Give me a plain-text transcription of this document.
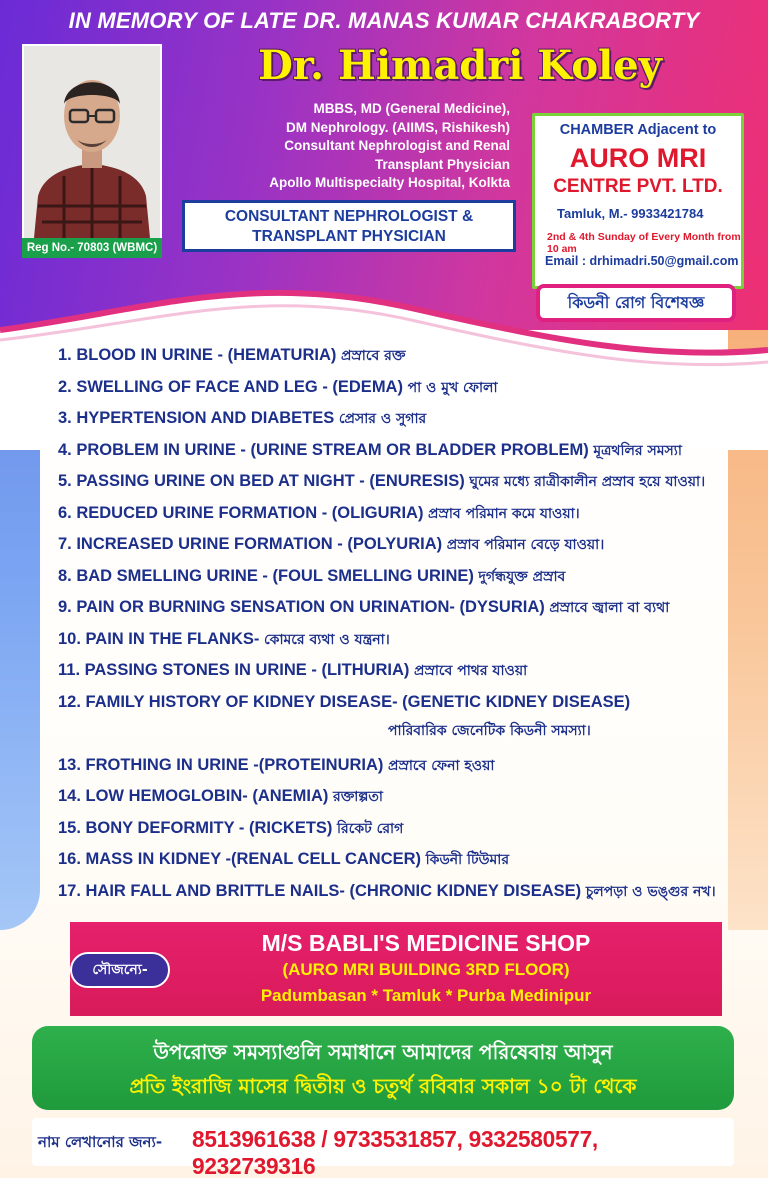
IN MEMORY OF LATE DR. MANAS KUMAR CHAKRABORTY
Reg No.- 70803 (WBMC)
Dr. Himadri Koley
MBBS, MD (General Medicine),
DM Nephrology. (AIIMS, Rishikesh)
Consultant Nephrologist and Renal
Transplant Physician
Apollo Multispecialty Hospital, Kolkta
CONSULTANT NEPHROLOGIST &
TRANSPLANT PHYSICIAN
CHAMBER Adjacent to
AURO MRI
CENTRE PVT. LTD.
Tamluk, M.- 9933421784
2nd & 4th Sunday of Every Month from 10 am
Email : drhimadri.50@gmail.com
কিডনী রোগ বিশেষজ্ঞ
1. BLOOD IN URINE - (HEMATURIA) প্রস্রাবে রক্ত
2. SWELLING OF FACE AND LEG - (EDEMA) পা ও মুখ ফোলা
3. HYPERTENSION AND DIABETES প্রেসার ও সুগার
4. PROBLEM IN URINE - (URINE STREAM OR BLADDER PROBLEM) মূত্রথলির সমস্যা
5. PASSING URINE ON BED AT NIGHT - (ENURESIS) ঘুমের মধ্যে রাত্রীকালীন প্রস্রাব হয়ে যাওয়া।
6. REDUCED URINE FORMATION - (OLIGURIA) প্রস্রাব পরিমান কমে যাওয়া।
7. INCREASED URINE FORMATION - (POLYURIA) প্রস্রাব পরিমান বেড়ে যাওয়া।
8. BAD SMELLING URINE - (FOUL SMELLING URINE) দুর্গন্ধযুক্ত প্রস্রাব
9. PAIN OR BURNING SENSATION ON URINATION- (DYSURIA) প্রস্রাবে জ্বালা বা ব্যথা
10. PAIN IN THE FLANKS- কোমরে ব্যথা ও যন্ত্রনা।
11. PASSING STONES IN URINE - (LITHURIA) প্রস্রাবে পাথর যাওয়া
12. FAMILY HISTORY OF KIDNEY DISEASE- (GENETIC KIDNEY DISEASE)
পারিবারিক জেনেটিক কিডনী সমস্যা।
13. FROTHING IN URINE -(PROTEINURIA) প্রস্রাবে ফেনা হওয়া
14. LOW HEMOGLOBIN- (ANEMIA) রক্তাল্পতা
15. BONY DEFORMITY - (RICKETS) রিকেট রোগ
16. MASS IN KIDNEY -(RENAL CELL CANCER) কিডনী টিউমার
17. HAIR FALL AND BRITTLE NAILS- (CHRONIC KIDNEY DISEASE) চুলপড়া ও ভঙ্গুর নখ।
M/S BABLI'S MEDICINE SHOP
(AURO MRI BUILDING 3RD FLOOR)
Padumbasan * Tamluk * Purba Medinipur
সৌজন্যে-
উপরোক্ত সমস্যাগুলি সমাধানে আমাদের পরিষেবায় আসুন
প্রতি ইংরাজি মাসের দ্বিতীয় ও চতুর্থ রবিবার সকাল ১০ টা থেকে
নাম লেখানোর জন্য- 8513961638 / 9733531857, 9332580577, 9232739316
